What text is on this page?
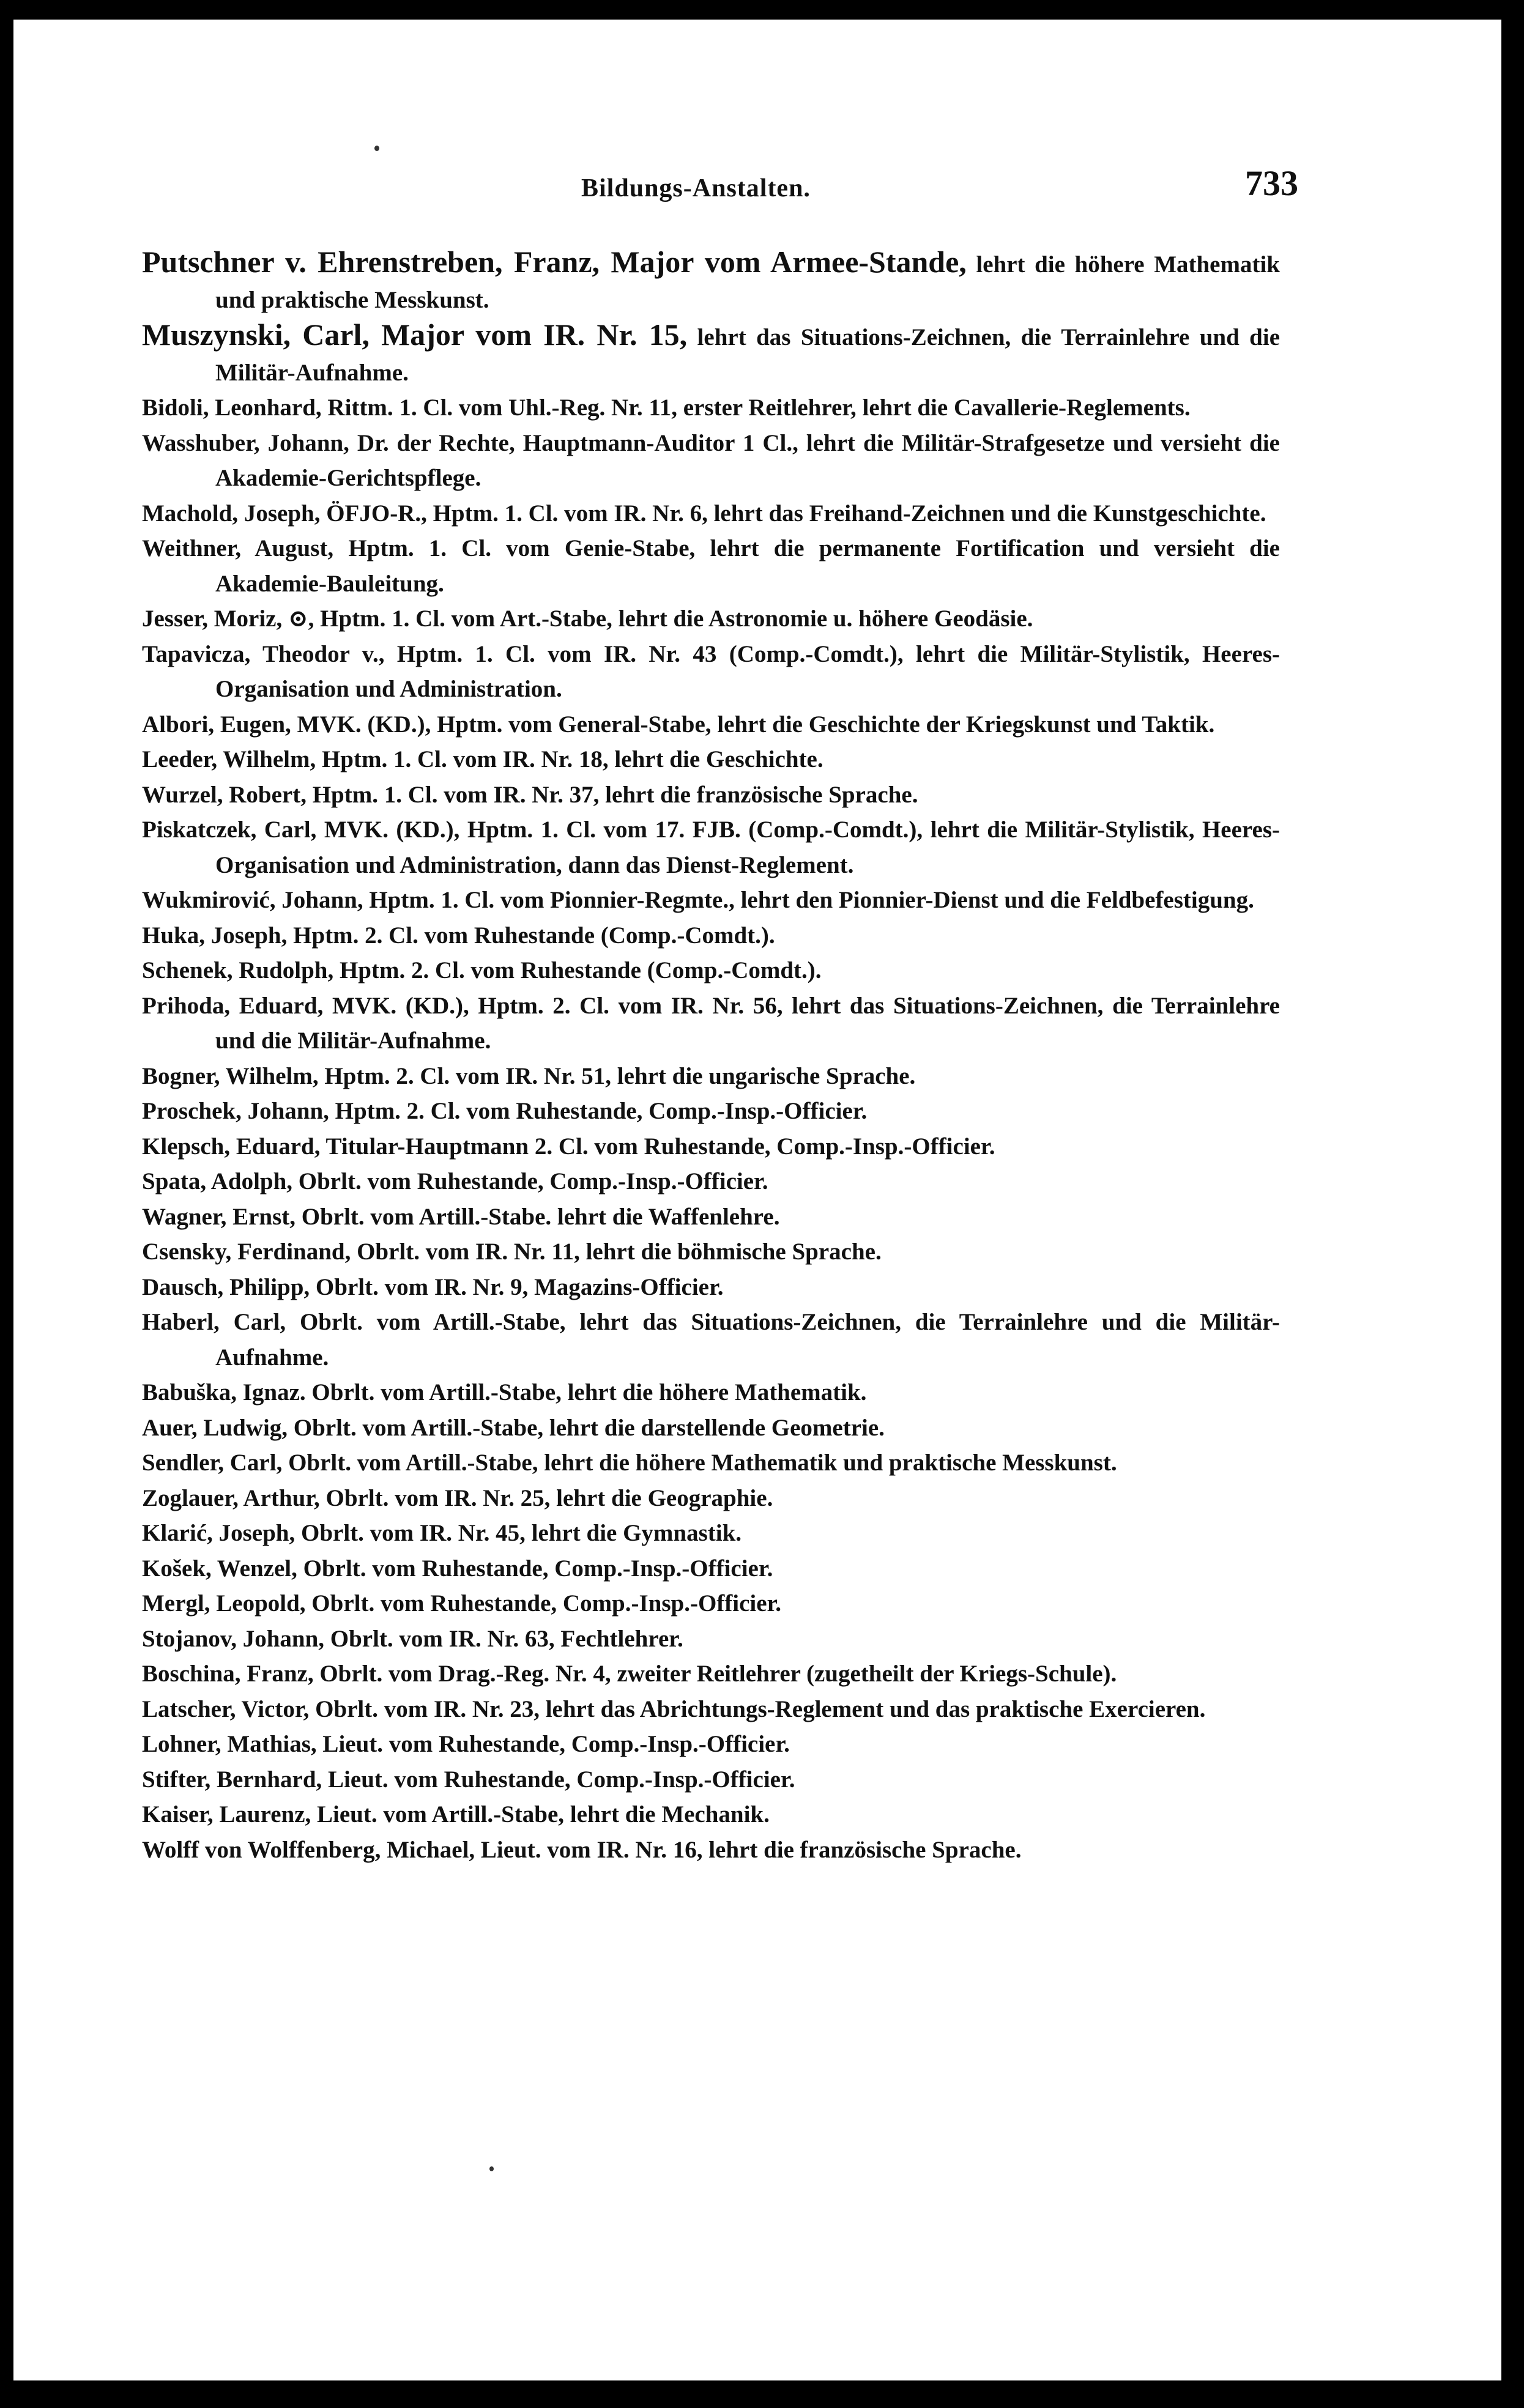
Bildungs-Anstalten.	733

Putschner v. Ehrenstreben, Franz, Major vom Armee-Stande, lehrt die höhere Mathematik und praktische Messkunst.

Muszynski, Carl, Major vom IR. Nr. 15, lehrt das Situations-Zeichnen, die Terrainlehre und die Militär-Aufnahme.

Bidoli, Leonhard, Rittm. 1. Cl. vom Uhl.-Reg. Nr. 11, erster Reitlehrer, lehrt die Cavallerie-Reglements.

Wasshuber, Johann, Dr. der Rechte, Hauptmann-Auditor 1 Cl., lehrt die Militär-Strafgesetze und versieht die Akademie-Gerichtspflege.

Machold, Joseph, ÖFJO-R., Hptm. 1. Cl. vom IR. Nr. 6, lehrt das Freihand-Zeichnen und die Kunstgeschichte.

Weithner, August, Hptm. 1. Cl. vom Genie-Stabe, lehrt die permanente Fortification und versieht die Akademie-Bauleitung.

Jesser, Moriz, ⊙, Hptm. 1. Cl. vom Art.-Stabe, lehrt die Astronomie u. höhere Geodäsie.

Tapavicza, Theodor v., Hptm. 1. Cl. vom IR. Nr. 43 (Comp.-Comdt.), lehrt die Militär-Stylistik, Heeres-Organisation und Administration.

Albori, Eugen, MVK. (KD.), Hptm. vom General-Stabe, lehrt die Geschichte der Kriegskunst und Taktik.

Leeder, Wilhelm, Hptm. 1. Cl. vom IR. Nr. 18, lehrt die Geschichte.

Wurzel, Robert, Hptm. 1. Cl. vom IR. Nr. 37, lehrt die französische Sprache.

Piskatczek, Carl, MVK. (KD.), Hptm. 1. Cl. vom 17. FJB. (Comp.-Comdt.), lehrt die Militär-Stylistik, Heeres-Organisation und Administration, dann das Dienst-Reglement.

Wukmirović, Johann, Hptm. 1. Cl. vom Pionnier-Regmte., lehrt den Pionnier-Dienst und die Feldbefestigung.

Huka, Joseph, Hptm. 2. Cl. vom Ruhestande (Comp.-Comdt.).

Schenek, Rudolph, Hptm. 2. Cl. vom Ruhestande (Comp.-Comdt.).

Prihoda, Eduard, MVK. (KD.), Hptm. 2. Cl. vom IR. Nr. 56, lehrt das Situations-Zeichnen, die Terrainlehre und die Militär-Aufnahme.

Bogner, Wilhelm, Hptm. 2. Cl. vom IR. Nr. 51, lehrt die ungarische Sprache.

Proschek, Johann, Hptm. 2. Cl. vom Ruhestande, Comp.-Insp.-Officier.

Klepsch, Eduard, Titular-Hauptmann 2. Cl. vom Ruhestande, Comp.-Insp.-Officier.

Spata, Adolph, Obrlt. vom Ruhestande, Comp.-Insp.-Officier.

Wagner, Ernst, Obrlt. vom Artill.-Stabe. lehrt die Waffenlehre.

Csensky, Ferdinand, Obrlt. vom IR. Nr. 11, lehrt die böhmische Sprache.

Dausch, Philipp, Obrlt. vom IR. Nr. 9, Magazins-Officier.

Haberl, Carl, Obrlt. vom Artill.-Stabe, lehrt das Situations-Zeichnen, die Terrainlehre und die Militär-Aufnahme.

Babuška, Ignaz. Obrlt. vom Artill.-Stabe, lehrt die höhere Mathematik.

Auer, Ludwig, Obrlt. vom Artill.-Stabe, lehrt die darstellende Geometrie.

Sendler, Carl, Obrlt. vom Artill.-Stabe, lehrt die höhere Mathematik und praktische Messkunst.

Zoglauer, Arthur, Obrlt. vom IR. Nr. 25, lehrt die Geographie.

Klarić, Joseph, Obrlt. vom IR. Nr. 45, lehrt die Gymnastik.

Košek, Wenzel, Obrlt. vom Ruhestande, Comp.-Insp.-Officier.

Mergl, Leopold, Obrlt. vom Ruhestande, Comp.-Insp.-Officier.

Stojanov, Johann, Obrlt. vom IR. Nr. 63, Fechtlehrer.

Boschina, Franz, Obrlt. vom Drag.-Reg. Nr. 4, zweiter Reitlehrer (zugetheilt der Kriegs-Schule).

Latscher, Victor, Obrlt. vom IR. Nr. 23, lehrt das Abrichtungs-Reglement und das praktische Exercieren.

Lohner, Mathias, Lieut. vom Ruhestande, Comp.-Insp.-Officier.

Stifter, Bernhard, Lieut. vom Ruhestande, Comp.-Insp.-Officier.

Kaiser, Laurenz, Lieut. vom Artill.-Stabe, lehrt die Mechanik.

Wolff von Wolffenberg, Michael, Lieut. vom IR. Nr. 16, lehrt die französische Sprache.
